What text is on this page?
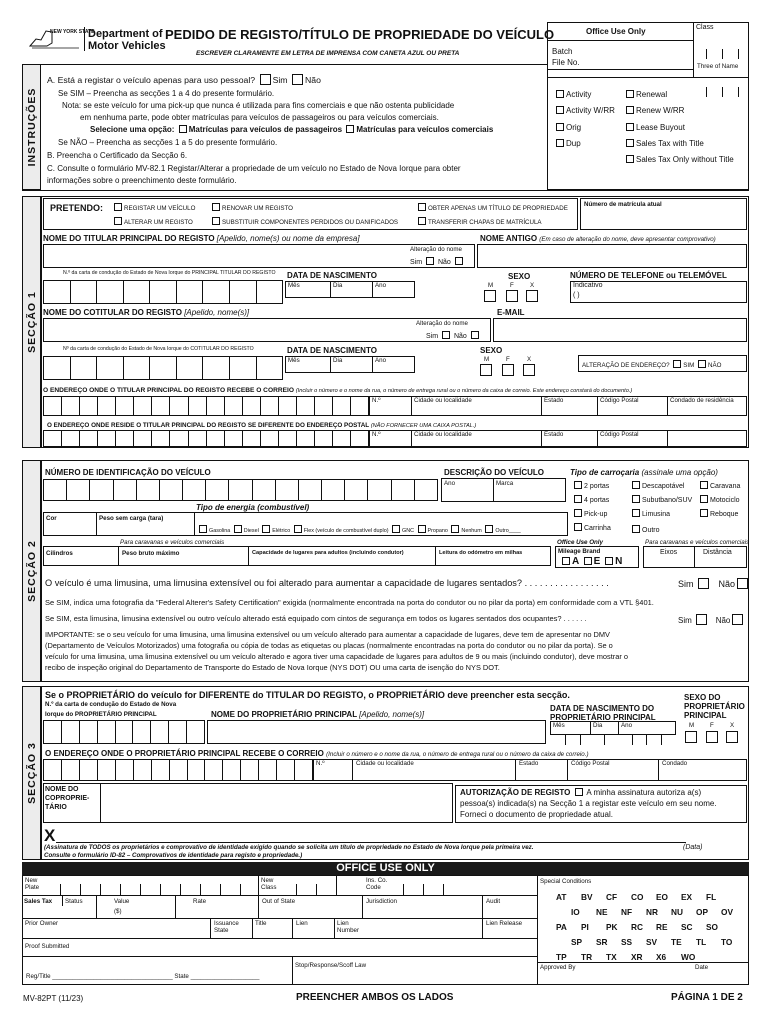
NEW YORK STATE
Department of
Motor Vehicles
PEDIDO DE REGISTO/TÍTULO DE PROPRIEDADE DO VEÍCULO
ESCREVER CLARAMENTE EM LETRA DE IMPRENSA COM CANETA AZUL OU PRETA
Office Use Only	Class
Batch
File No.	Three of Name
Activity
Activity W/RR
Orig
Dup
Renewal
Renew W/RR
Lease Buyout
Sales Tax with Title
Sales Tax Only without Title
INSTRUÇÕES
A. Está a registar o veículo apenas para uso pessoal? Sim Não
Se SIM – Preencha as secções 1 a 4 do presente formulário.
Nota: se este veículo for uma pick-up que nunca é utilizada para fins comerciais e que não ostenta publicidade
em nenhuma parte, pode obter matrículas para veículos de passageiros ou para veículos comerciais.
Selecione uma opção: Matrículas para veículos de passageiros Matrículas para veículos comerciais
Se NÃO – Preencha as secções 1 a 5 do presente formulário.
B. Preencha o Certificado da Secção 6.
C. Consulte o formulário MV-82.1 Registar/Alterar a propriedade de um veículo no Estado de Nova Iorque para obter
informações sobre o preenchimento deste formulário.
SECÇÃO 1
PRETENDO:	REGISTAR UM VEÍCULO	RENOVAR UM REGISTO	OBTER APENAS UM TÍTULO DE PROPRIEDADE
ALTERAR UM REGISTO	SUBSTITUIR COMPONENTES PERDIDOS OU DANIFICADOS	TRANSFERIR CHAPAS DE MATRÍCULA
Número de matrícula atual
NOME DO TITULAR PRINCIPAL DO REGISTO [Apelido, nome(s) ou nome da empresa]	NOME ANTIGO (Em caso de alteração do nome, deve apresentar comprovativo)
Alteração do nome
Sim  Não
N.º da carta de condução do Estado de Nova Iorque do PRINCIPAL TITULAR DO REGISTO DATA DE NASCIMENTO
Mês	Dia	Ano
SEXO
M	F	X
NÚMERO DE TELEFONE ou TELEMÓVEL
Indicativo
( )
NOME DO COTITULAR DO REGISTO [Apelido, nome(s)]	E-MAIL
Alteração do nome
Sim  Não
Nº da carta de condução do Estado de Nova Iorque do COTITULAR DO REGISTO	DATA DE NASCIMENTO
Mês	Dia	Ano
SEXO
M	F	X
ALTERAÇÃO DE ENDEREÇO? SIM NÃO
O ENDEREÇO ONDE O TITULAR PRINCIPAL DO REGISTO RECEBE O CORREIO (Incluir o número e o nome da rua, o número de entrega rural ou o número da caixa de correio. Este endereço constará do documento.)
N.º	Cidade ou localidade	Estado	Código Postal	Condado de residência
O ENDEREÇO ONDE RESIDE O TITULAR PRINCIPAL DO REGISTO SE DIFERENTE DO ENDEREÇO POSTAL (NÃO FORNECER UMA CAIXA POSTAL.)
N.º	Cidade ou localidade	Estado	Código Postal
SECÇÃO 2
NÚMERO DE IDENTIFICAÇÃO DO VEÍCULO	DESCRIÇÃO DO VEÍCULO
Ano	Marca
Tipo de carroçaria (assinale uma opção)
2 portas	Descapotável	Caravana
4 portas	Subutbano/SUV	Motociclo
Pick-up	Limusina	Reboque
Carrinha	Outro
Tipo de energia (combustível)
Cor	Peso sem carga (tara)
Gasolina	Diesel	Elétrico	Flex (veículo de combustível duplo)	GNC	Propano	Nenhum	Outro____
Para caravanas e veículos comerciais
Cilindros	Peso bruto máximo	Capacidade de lugares para adultos (incluindo condutor)	Leitura do odómetro em milhas
Office Use Only
Mileage Brand
A E N
Para caravanas e veículos comerciais
Eixos	Distância
O veículo é uma limusina, uma limusina extensível ou foi alterado para aumentar a capacidade de lugares sentados? . . . . . . . . . . . . . . . . .	Sim	Não
Se SIM, indica uma fotografia da "Federal Alterer's Safety Certification" exigida (normalmente encontrada na porta do condutor ou no pilar da porta) em conformidade com a VTL §401.
Se SIM, esta limusina, limusina extensível ou outro veículo alterado está equipado com cintos de segurança em todos os lugares sentados dos ocupantes? . . . . . .	Sim	Não
IMPORTANTE: se o seu veículo for uma limusina, uma limusina extensível ou um veículo alterado para aumentar a capacidade de lugares, deve tem de apresentar no DMV
(Departamento de Veículos Motorizados) uma fotografia ou cópia de todas as etiquetas ou placas (normalmente encontradas na porta do condutor ou no pilar da porta). Se o
veículo for uma limusina, uma limusina extensível ou um veículo alterado e agora tiver uma capacidade de lugares para adultos de 9 ou mais (incluindo condutor), deve mostrar o
recibo de inspeção original do Departamento de Transporte do Estado de Nova Iorque (NYS DOT) OU uma carta de isenção do NYS DOT.
SECÇÃO 3
Se o PROPRIETÁRIO do veículo for DIFERENTE do TITULAR DO REGISTO, o PROPRIETÁRIO deve preencher esta secção.
N.º da carta de condução do Estado de Nova
Iorque do PROPRIETÁRIO PRINCIPAL	NOME DO PROPRIETÁRIO PRINCIPAL [Apelido, nome(s)]
DATA DE NASCIMENTO DO
PROPRIETÁRIO PRINCIPAL
Mês	Dia	Ano
SEXO DO
PROPRIETÁRIO
PRINCIPAL
M	F	X
O ENDEREÇO ONDE O PROPRIETÁRIO PRINCIPAL RECEBE O CORREIO (Incluir o número e o nome da rua, o número de entrega rural ou o número da caixa de correio.)
N.º	Cidade ou localidade	Estado	Código Postal	Condado
NOME DO
COPROPRIE-
TÁRIO
AUTORIZAÇÃO DE REGISTO A minha assinatura autoriza a(s)
pessoa(s) indicada(s) na Secção 1 a registar este veículo em seu nome.
Forneci o documento de propriedade atual.
X
(Assinatura de TODOS os proprietários e comprovativo de identidade exigido quando se solicita um título de propriedade no Estado de Nova Iorque pela primeira vez.
Consulte o formulário ID-82 – Comprovativos de identidade para registo e propriedade.)
(Data)
OFFICE USE ONLY
New Plate
New Class
Ins. Co. Code
Special Conditions
Sales Tax Status	Value
($)
Rate	Out of State	Jurisdiction	Audit
Prior Owner	Issuance State
Title	Lien	Lien Number
Lien Release
Proof Submitted
Stop/Response/Scoff Law
Reg/Title ___________________________________ State ____________________
Approved By	Date
AT BV CF CO EO EX FL
IO NE NF NR NU OP OV
PA PI PK RC RE SC SO
SP SR SS SV TE TL TO
TP TR TX XR X6 WO
MV-82PT (11/23)	PREENCHER AMBOS OS LADOS	PÁGINA 1 DE 2
